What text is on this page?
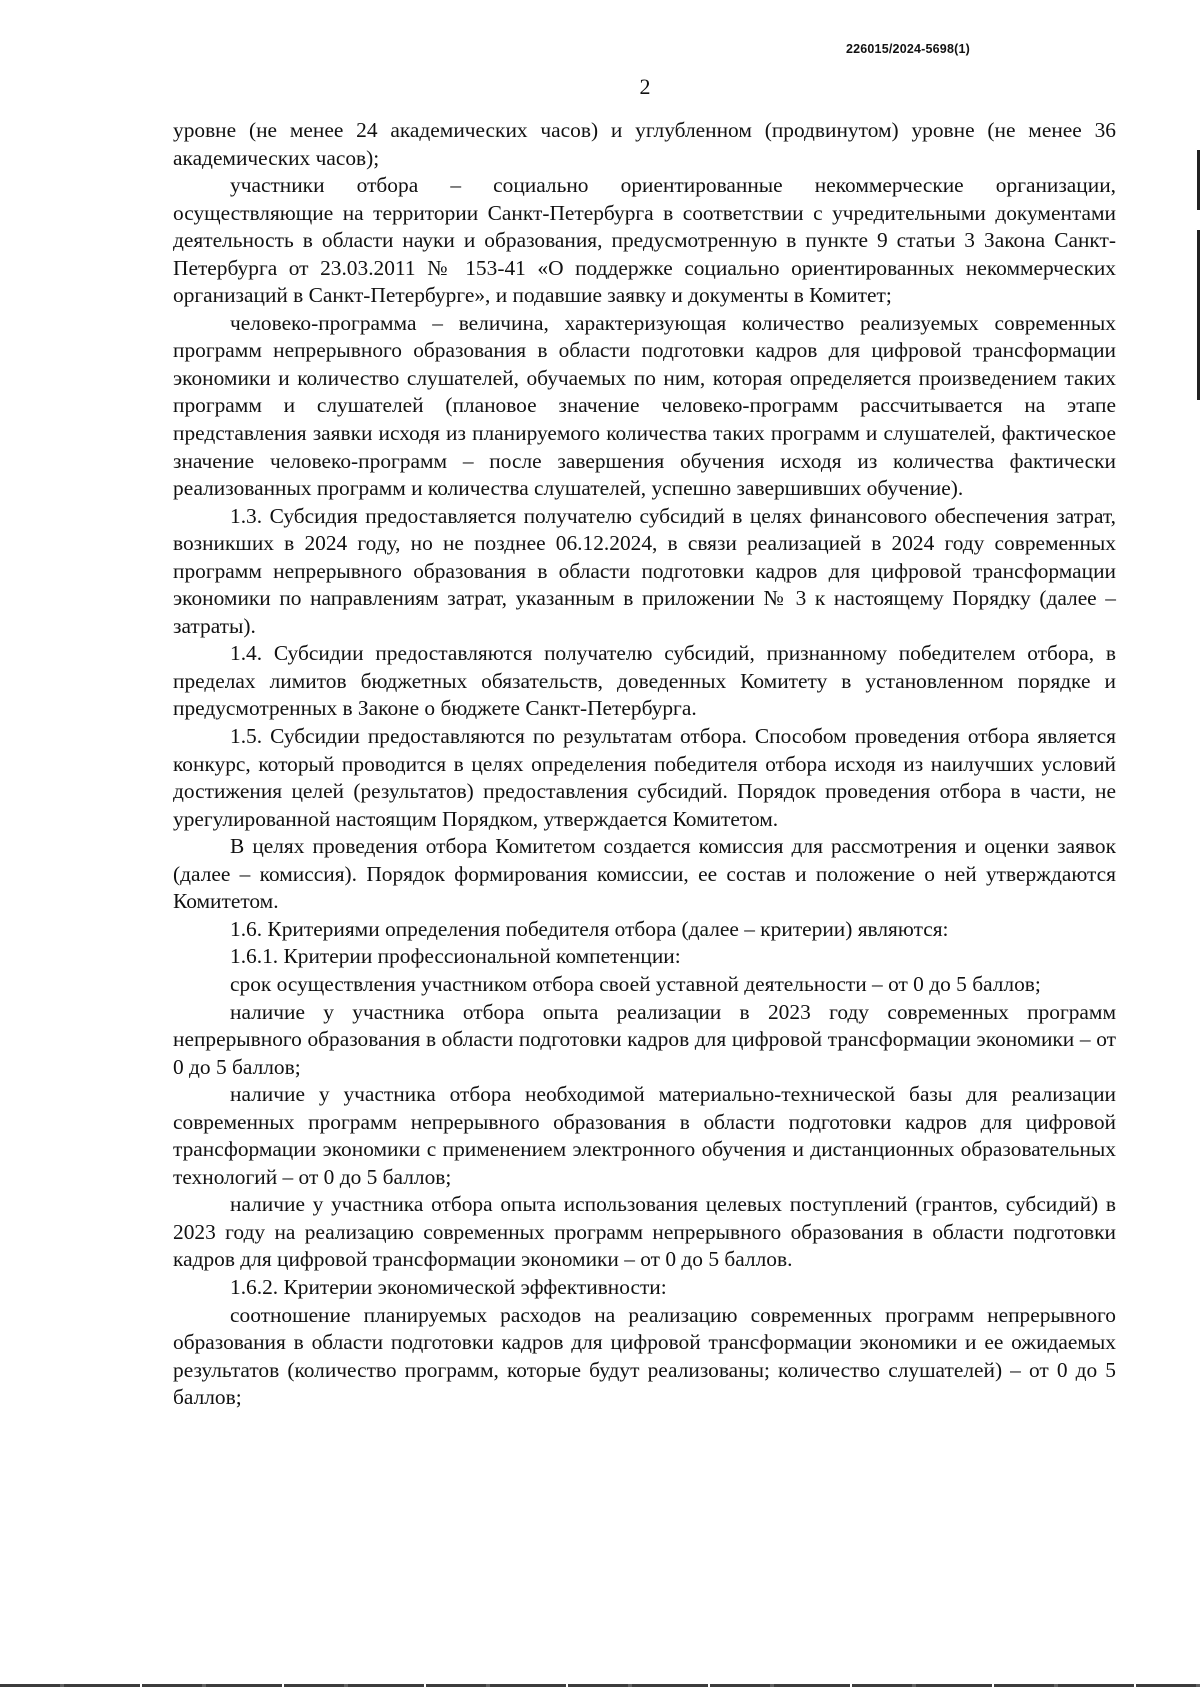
226015/2024-5698(1)
2

уровне (не менее 24 академических часов) и углубленном (продвинутом) уровне (не менее 36 академических часов);

участники отбора – социально ориентированные некоммерческие организации, осуществляющие на территории Санкт-Петербурга в соответствии с учредительными документами деятельность в области науки и образования, предусмотренную в пункте 9 статьи 3 Закона Санкт-Петербурга от 23.03.2011 № 153-41 «О поддержке социально ориентированных некоммерческих организаций в Санкт-Петербурге», и подавшие заявку и документы в Комитет;

человеко-программа – величина, характеризующая количество реализуемых современных программ непрерывного образования в области подготовки кадров для цифровой трансформации экономики и количество слушателей, обучаемых по ним, которая определяется произведением таких программ и слушателей (плановое значение человеко-программ рассчитывается на этапе представления заявки исходя из планируемого количества таких программ и слушателей, фактическое значение человеко-программ – после завершения обучения исходя из количества фактически реализованных программ и количества слушателей, успешно завершивших обучение).

1.3. Субсидия предоставляется получателю субсидий в целях финансового обеспечения затрат, возникших в 2024 году, но не позднее 06.12.2024, в связи реализацией в 2024 году современных программ непрерывного образования в области подготовки кадров для цифровой трансформации экономики по направлениям затрат, указанным в приложении № 3 к настоящему Порядку (далее – затраты).

1.4. Субсидии предоставляются получателю субсидий, признанному победителем отбора, в пределах лимитов бюджетных обязательств, доведенных Комитету в установленном порядке и предусмотренных в Законе о бюджете Санкт-Петербурга.

1.5. Субсидии предоставляются по результатам отбора. Способом проведения отбора является конкурс, который проводится в целях определения победителя отбора исходя из наилучших условий достижения целей (результатов) предоставления субсидий. Порядок проведения отбора в части, не урегулированной настоящим Порядком, утверждается Комитетом.

В целях проведения отбора Комитетом создается комиссия для рассмотрения и оценки заявок (далее – комиссия). Порядок формирования комиссии, ее состав и положение о ней утверждаются Комитетом.

1.6. Критериями определения победителя отбора (далее – критерии) являются:

1.6.1. Критерии профессиональной компетенции:

срок осуществления участником отбора своей уставной деятельности – от 0 до 5 баллов;

наличие у участника отбора опыта реализации в 2023 году современных программ непрерывного образования в области подготовки кадров для цифровой трансформации экономики – от 0 до 5 баллов;

наличие у участника отбора необходимой материально-технической базы для реализации современных программ непрерывного образования в области подготовки кадров для цифровой трансформации экономики с применением электронного обучения и дистанционных образовательных технологий – от 0 до 5 баллов;

наличие у участника отбора опыта использования целевых поступлений (грантов, субсидий) в 2023 году на реализацию современных программ непрерывного образования в области подготовки кадров для цифровой трансформации экономики – от 0 до 5 баллов.

1.6.2. Критерии экономической эффективности:

соотношение планируемых расходов на реализацию современных программ непрерывного образования в области подготовки кадров для цифровой трансформации экономики и ее ожидаемых результатов (количество программ, которые будут реализованы; количество слушателей) – от 0 до 5 баллов;
